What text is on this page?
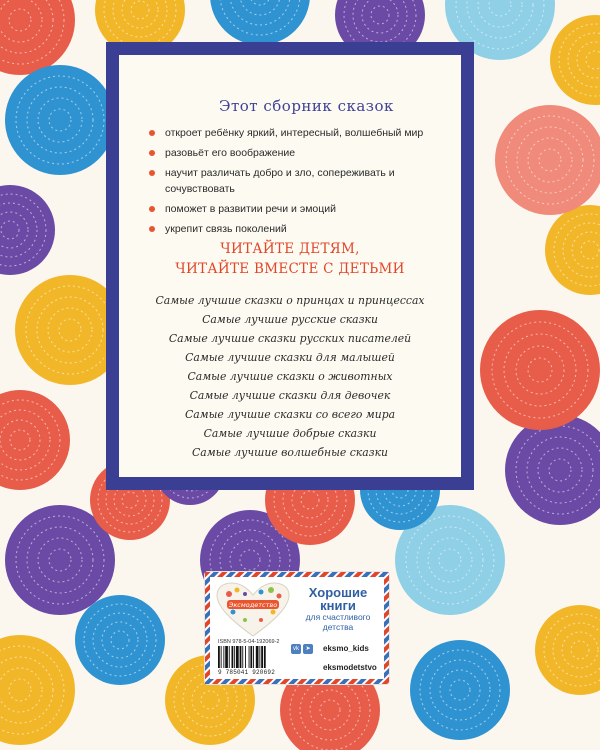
Этот сборник сказок
откроет ребёнку яркий, интересный, волшебный мир
разовьёт его воображение
научит различать добро и зло, сопереживать и сочувствовать
поможет в развитии речи и эмоций
укрепит связь поколений
ЧИТАЙТЕ ДЕТЯМ,
ЧИТАЙТЕ ВМЕСТЕ С ДЕТЬМИ
Самые лучшие сказки о принцах и принцессах
Самые лучшие русские сказки
Самые лучшие сказки русских писателей
Самые лучшие сказки для малышей
Самые лучшие сказки о животных
Самые лучшие сказки для девочек
Самые лучшие сказки со всего мира
Самые лучшие добрые сказки
Самые лучшие волшебные сказки
Эксмодетство
Хорошие
книги
для счастливого
детства
ISBN 978-5-04-192069-2
9 785041 920692
vk	➤	eksmo_kids
eksmodetstvo
